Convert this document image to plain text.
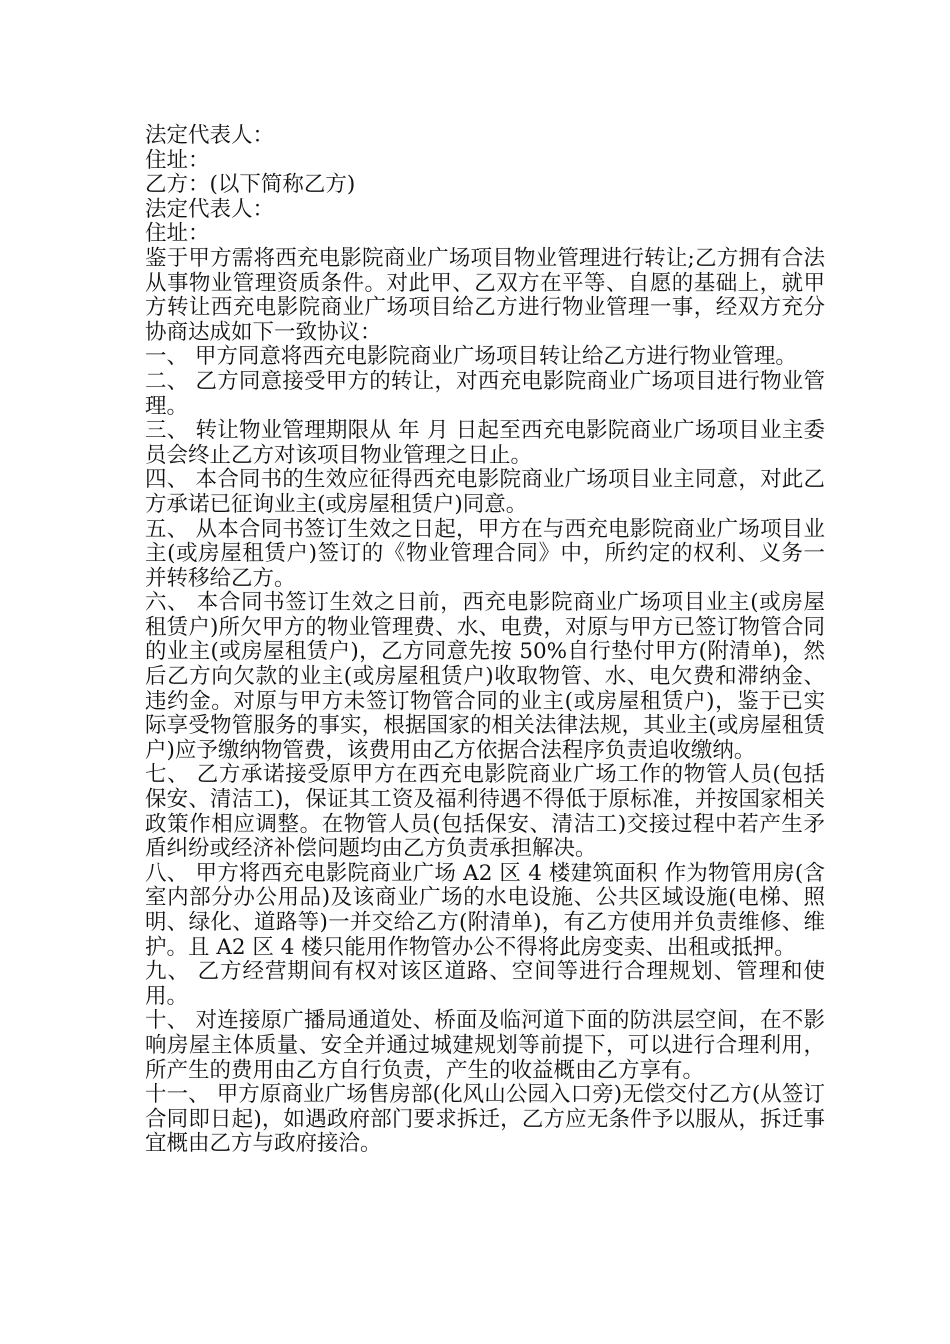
法定代表人：

住址：

乙方：(以下简称乙方)

法定代表人：

住址：

鉴于甲方需将西充电影院商业广场项目物业管理进行转让;乙方拥有合法从事物业管理资质条件。对此甲、乙双方在平等、自愿的基础上，就甲方转让西充电影院商业广场项目给乙方进行物业管理一事，经双方充分协商达成如下一致协议：

一、 甲方同意将西充电影院商业广场项目转让给乙方进行物业管理。

二、 乙方同意接受甲方的转让，对西充电影院商业广场项目进行物业管理。

三、 转让物业管理期限从 年 月 日起至西充电影院商业广场项目业主委员会终止乙方对该项目物业管理之日止。

四、 本合同书的生效应征得西充电影院商业广场项目业主同意，对此乙方承诺已征询业主(或房屋租赁户)同意。

五、 从本合同书签订生效之日起，甲方在与西充电影院商业广场项目业主(或房屋租赁户)签订的《物业管理合同》中，所约定的权利、义务一并转移给乙方。

六、 本合同书签订生效之日前，西充电影院商业广场项目业主(或房屋租赁户)所欠甲方的物业管理费、水、电费，对原与甲方已签订物管合同的业主(或房屋租赁户)，乙方同意先按 50%自行垫付甲方(附清单)，然后乙方向欠款的业主(或房屋租赁户)收取物管、水、电欠费和滞纳金、违约金。对原与甲方未签订物管合同的业主(或房屋租赁户)，鉴于已实际享受物管服务的事实，根据国家的相关法律法规，其业主(或房屋租赁户)应予缴纳物管费，该费用由乙方依据合法程序负责追收缴纳。

七、 乙方承诺接受原甲方在西充电影院商业广场工作的物管人员(包括保安、清洁工)，保证其工资及福利待遇不得低于原标准，并按国家相关政策作相应调整。在物管人员(包括保安、清洁工)交接过程中若产生矛盾纠纷或经济补偿问题均由乙方负责承担解决。

八、 甲方将西充电影院商业广场 A2 区 4 楼建筑面积 作为物管用房(含室内部分办公用品)及该商业广场的水电设施、公共区域设施(电梯、照明、绿化、道路等)一并交给乙方(附清单)，有乙方使用并负责维修、维护。且 A2 区 4 楼只能用作物管办公不得将此房变卖、出租或抵押。

九、 乙方经营期间有权对该区道路、空间等进行合理规划、管理和使用。

十、 对连接原广播局通道处、桥面及临河道下面的防洪层空间，在不影响房屋主体质量、安全并通过城建规划等前提下，可以进行合理利用，所产生的费用由乙方自行负责，产生的收益概由乙方享有。

十一、 甲方原商业广场售房部(化风山公园入口旁)无偿交付乙方(从签订合同即日起)，如遇政府部门要求拆迁，乙方应无条件予以服从，拆迁事宜概由乙方与政府接洽。
